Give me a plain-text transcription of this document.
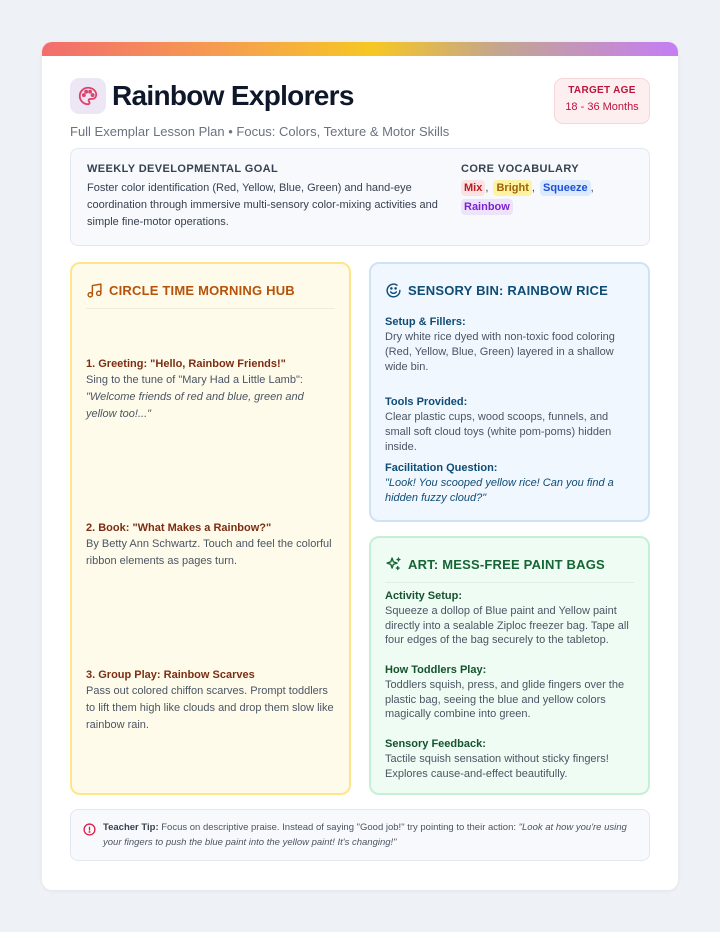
Rainbow Explorers
Full Exemplar Lesson Plan • Focus: Colors, Texture & Motor Skills
TARGET AGE
18 - 36 Months
WEEKLY DEVELOPMENTAL GOAL
Foster color identification (Red, Yellow, Blue, Green) and hand-eye coordination through immersive multi-sensory color-mixing activities and simple fine-motor operations.
CORE VOCABULARY
Mix , Bright , Squeeze , Rainbow
CIRCLE TIME MORNING HUB
1. Greeting: "Hello, Rainbow Friends!"
Sing to the tune of "Mary Had a Little Lamb":
"Welcome friends of red and blue, green and yellow too!..."
2. Book: "What Makes a Rainbow?"
By Betty Ann Schwartz. Touch and feel the colorful ribbon elements as pages turn.
3. Group Play: Rainbow Scarves
Pass out colored chiffon scarves. Prompt toddlers to lift them high like clouds and drop them slow like rainbow rain.
SENSORY BIN: RAINBOW RICE
Setup & Fillers:
Dry white rice dyed with non-toxic food coloring (Red, Yellow, Blue, Green) layered in a shallow wide bin.
Tools Provided:
Clear plastic cups, wood scoops, funnels, and small soft cloud toys (white pom-poms) hidden inside.
Facilitation Question:
"Look! You scooped yellow rice! Can you find a hidden fuzzy cloud?"
ART: MESS-FREE PAINT BAGS
Activity Setup:
Squeeze a dollop of Blue paint and Yellow paint directly into a sealable Ziploc freezer bag. Tape all four edges of the bag securely to the tabletop.
How Toddlers Play:
Toddlers squish, press, and glide fingers over the plastic bag, seeing the blue and yellow colors magically combine into green.
Sensory Feedback:
Tactile squish sensation without sticky fingers! Explores cause-and-effect beautifully.
Teacher Tip: Focus on descriptive praise. Instead of saying "Good job!" try pointing to their action: "Look at how you're using your fingers to push the blue paint into the yellow paint! It's changing!"
